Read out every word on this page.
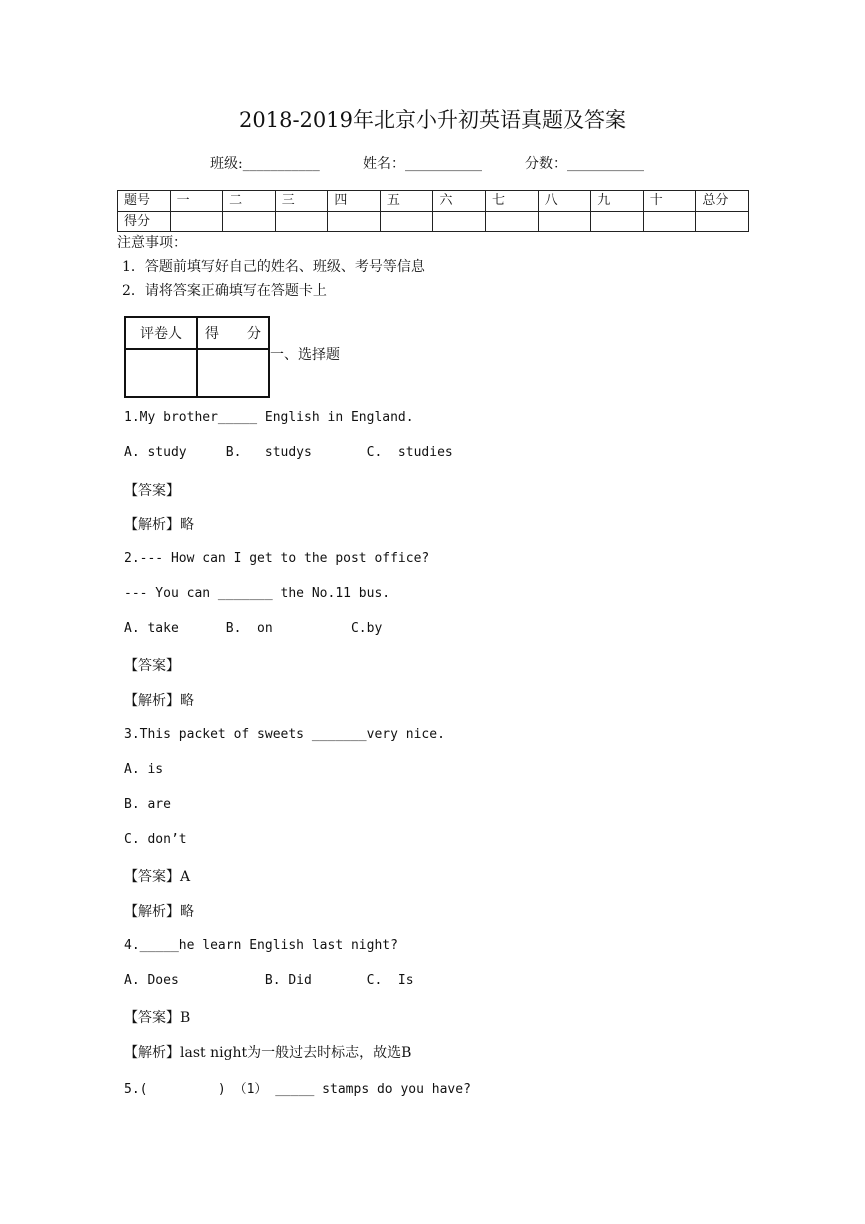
2018-2019年北京小升初英语真题及答案
班级:___________	姓名：___________	分数：___________
题号	一	二	三	四	五	六	七	八	九	十	总分
得分											
注意事项：
1．答题前填写好自己的姓名、班级、考号等信息
2．请将答案正确填写在答题卡上
评卷人	得　　分

一、选择题
1.My brother_____ English in England.
A. study     B.   studys       C.  studies
【答案】
【解析】略
2.--- How can I get to the post office?
--- You can _______ the No.11 bus.
A. take      B.  on          C.by
【答案】
【解析】略
3.This packet of sweets _______very nice.
A. is
B. are
C. don’t
【答案】A
【解析】略
4._____he learn English last night?
A. Does           B. Did       C.  Is
【答案】B
【解析】last night为一般过去时标志，故选B
5.(         ) （1） _____ stamps do you have?
